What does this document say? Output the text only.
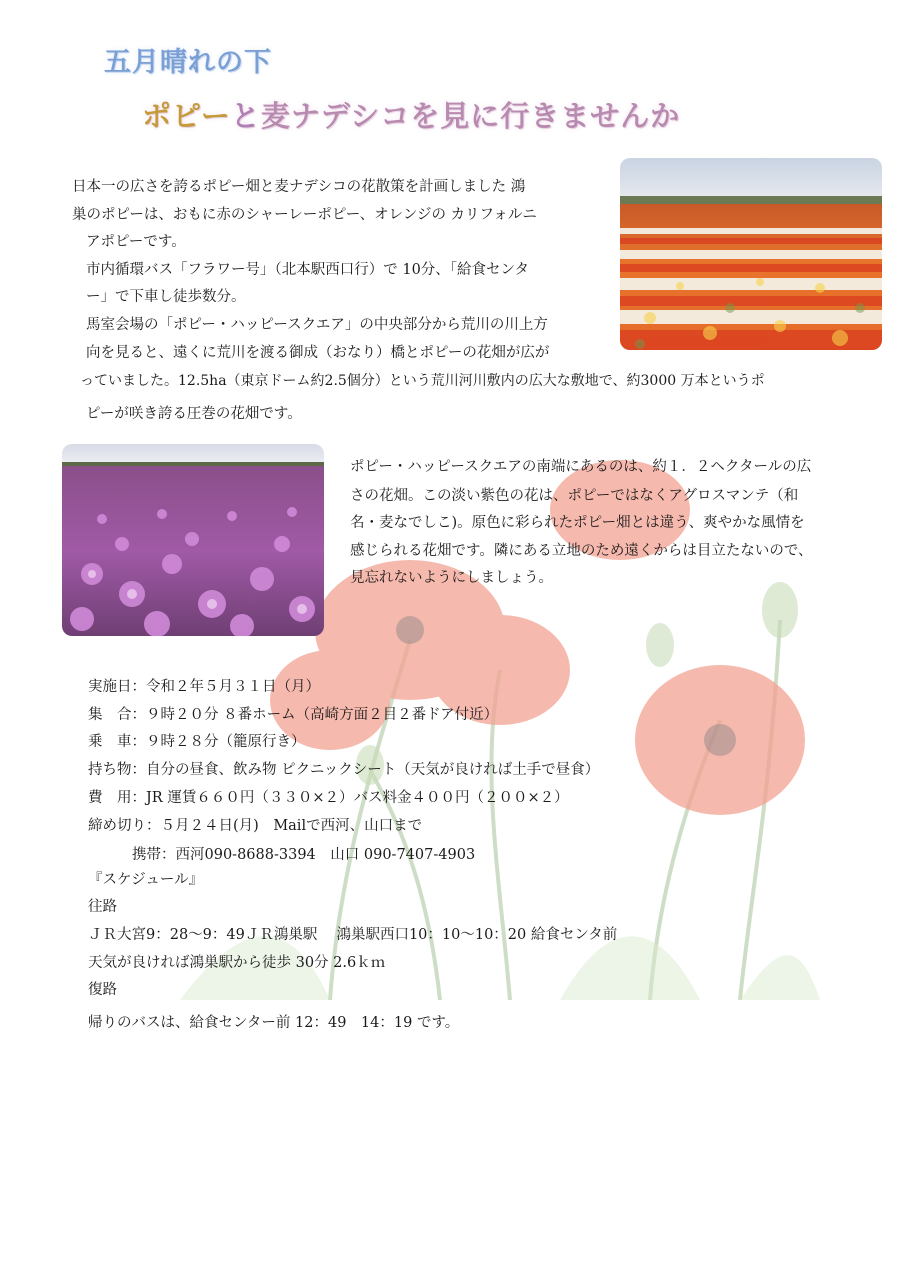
五月晴れの下
ポピーと麦ナデシコを見に行きませんか
日本一の広さを誇るポピー畑と麦ナデシコの花散策を計画しました 鴻
巣のポピーは、おもに赤のシャーレーポピー、オレンジの カリフォルニ
アポピーです。
市内循環バス「フラワー号」（北本駅西口行）で 10分、「給食センタ
ー」で下車し徒歩数分。
馬室会場の「ポピー・ハッピースクエア」の中央部分から荒川の川上方
向を見ると、遠くに荒川を渡る御成（おなり）橋とポピーの花畑が広が
っていました。12.5ha（東京ドーム約2.5個分）という荒川河川敷内の広大な敷地で、約3000 万本というポ
ピーが咲き誇る圧巻の花畑です。
ポピー・ハッピースクエアの南端にあるのは、約１．２ヘクタールの広
さの花畑。この淡い紫色の花は、ポピーではなくアグロスマンテ（和
名・麦なでしこ)。原色に彩られたポピー畑とは違う、爽やかな風情を
感じられる花畑です。隣にある立地のため遠くからは目立たないので、
見忘れないようにしましょう。
実施日：令和２年５月３１日（月）
集　合：９時２０分 ８番ホーム（高崎方面２目２番ドア付近）
乗　車：９時２８分（籠原行き）
持ち物：自分の昼食、飲み物 ピクニックシート（天気が良ければ土手で昼食）
費　用：JR 運賃６６０円（３３０×２）バス料金４００円（２００×２）
締め切り：５月２４日(月)　Mailで西河、山口まで
携帯：西河090-8688-3394　山口 090-7407-4903
『スケジュール』
往路
ＪＲ大宮9：28〜9：49ＪＲ鴻巣駅　 鴻巣駅西口10：10〜10：20 給食センタ前
天気が良ければ鴻巣駅から徒歩 30分 2.6ｋｍ
復路
帰りのバスは、給食センター前 12：49　14：19 です。
